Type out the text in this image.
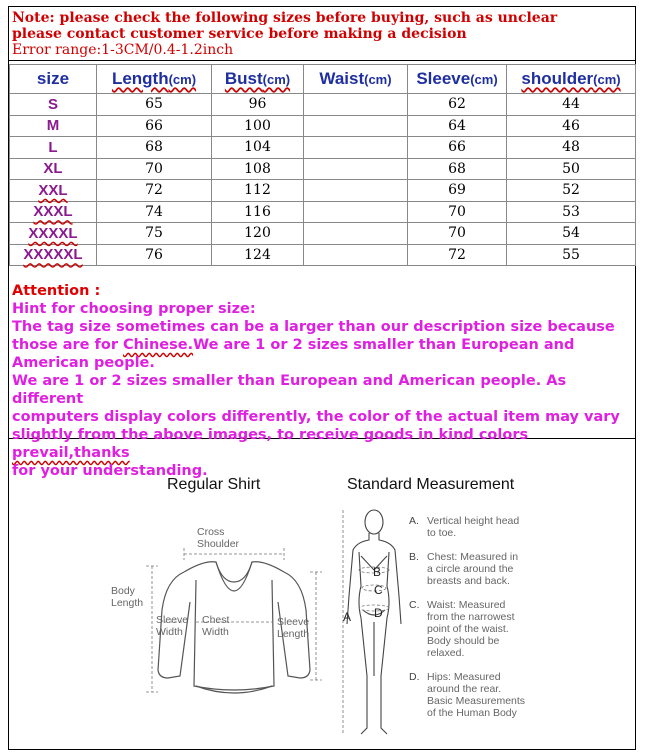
Note: please check the following sizes before buying, such as unclear
please contact customer service before making a decision
Error range:1-3CM/0.4-1.2inch
size	Length(cm)	Bust(cm)	Waist(cm)	Sleeve(cm)	shoulder(cm)
S	65	96		62	44
M	66	100		64	46
L	68	104		66	48
XL	70	108		68	50
XXL	72	112		69	52
XXXL	74	116		70	53
XXXXL	75	120		70	54
XXXXXL	76	124		72	55
Attention :
Hint for choosing proper size:
The tag size sometimes can be a larger than our description size because
those are for Chinese.We are 1 or 2 sizes smaller than European and
American people.
We are 1 or 2 sizes smaller than European and American people. As different
computers display colors differently, the color of the actual item may vary
slightly from the above images, to receive goods in kind colors prevail,thanks
for your understanding.
Regular Shirt	Standard Measurement
Cross
Shoulder
Body
Length
Sleeve
Width
Chest
Width
Sleeve
Length
B
C
A D
A. Vertical height head
to toe.
B. Chest: Measured in
a circle around the
breasts and back.
C. Waist: Measured
from the narrowest
point of the waist.
Body should be
relaxed.
D. Hips: Measured
around the rear.
Basic Measurements
of the Human Body
